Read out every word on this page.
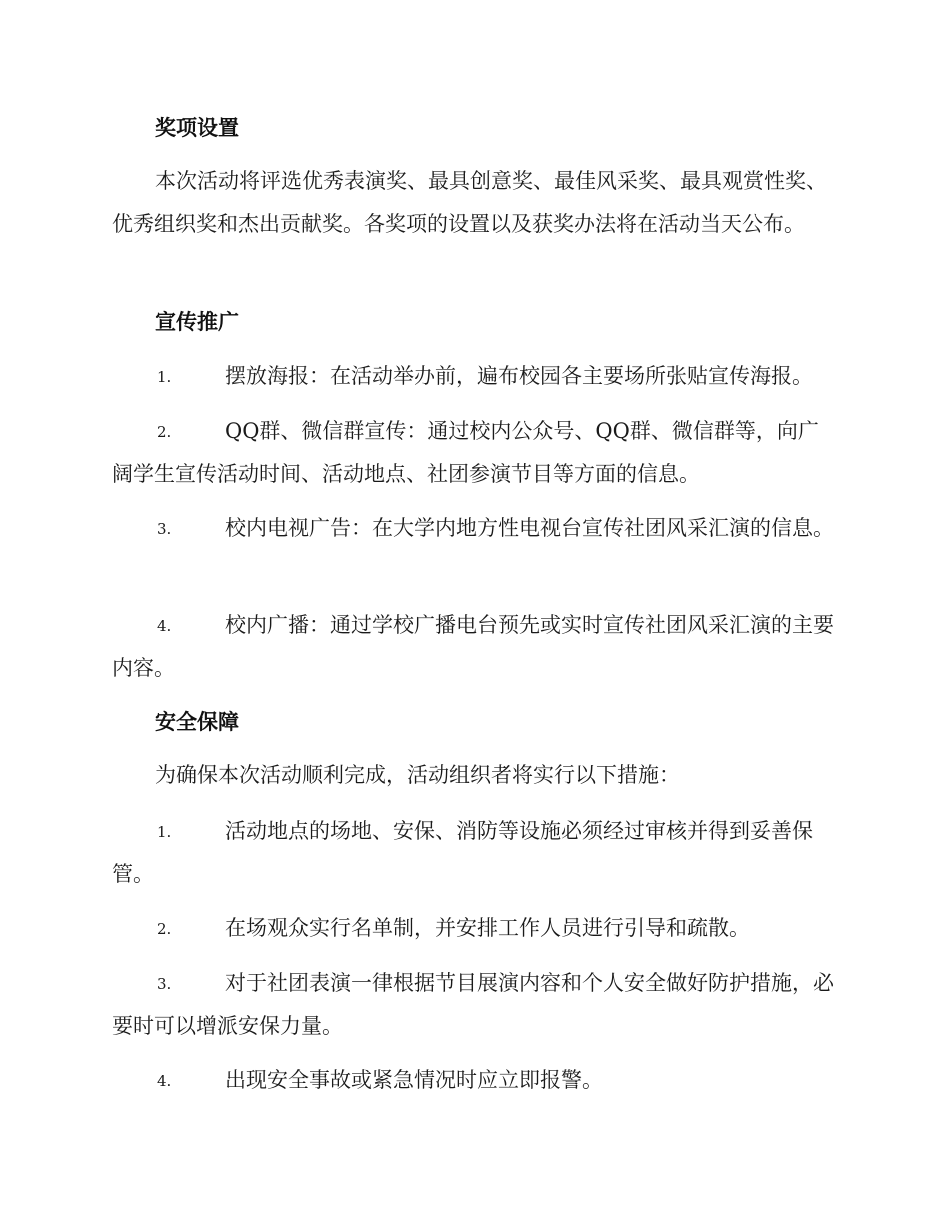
奖项设置

本次活动将评选优秀表演奖、最具创意奖、最佳风采奖、最具观赏性奖、优秀组织奖和杰出贡献奖。各奖项的设置以及获奖办法将在活动当天公布。

宣传推广
1.	摆放海报：在活动举办前，遍布校园各主要场所张贴宣传海报。

2.	QQ群、微信群宣传：通过校内公众号、QQ群、微信群等，向广阔学生宣传活动时间、活动地点、社团参演节目等方面的信息。

3.	校内电视广告：在大学内地方性电视台宣传社团风采汇演的信息。

4.	校内广播：通过学校广播电台预先或实时宣传社团风采汇演的主要内容。

安全保障

为确保本次活动顺利完成，活动组织者将实行以下措施：

1.	活动地点的场地、安保、消防等设施必须经过审核并得到妥善保管。

2.	在场观众实行名单制，并安排工作人员进行引导和疏散。

3.	对于社团表演一律根据节目展演内容和个人安全做好防护措施，必要时可以增派安保力量。

4.	出现安全事故或紧急情况时应立即报警。
